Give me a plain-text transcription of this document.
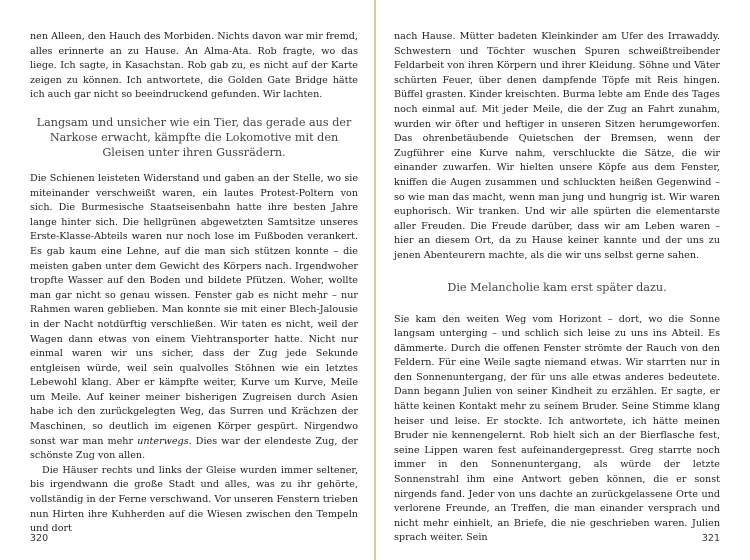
nen Alleen, den Hauch des Morbiden. Nichts davon war mir fremd, alles erinnerte an zu Hause. An Alma-Ata. Rob fragte, wo das liege. Ich sagte, in Kasachstan. Rob gab zu, es nicht auf der Karte zeigen zu können. Ich antwortete, die Golden Gate Bridge hätte ich auch gar nicht so beeindruckend gefunden. Wir lachten.

Langsam und unsicher wie ein Tier, das gerade aus der Narkose erwacht, kämpfte die Lokomotive mit den Gleisen unter ihren Gussrädern.

Die Schienen leisteten Widerstand und gaben an der Stelle, wo sie miteinander verschweißt waren, ein lautes Protest-Poltern von sich. Die Burmesische Staatseisenbahn hatte ihre besten Jahre lange hinter sich. Die hellgrünen abgewetzten Samtsitze unseres Erste-Klasse-Abteils waren nur noch lose im Fußboden verankert. Es gab kaum eine Lehne, auf die man sich stützen konnte – die meisten gaben unter dem Gewicht des Körpers nach. Irgendwoher tropfte Wasser auf den Boden und bildete Pfützen. Woher, wollte man gar nicht so genau wissen. Fenster gab es nicht mehr – nur Rahmen waren geblieben. Man konnte sie mit einer Blech-Jalousie in der Nacht notdürftig verschließen. Wir taten es nicht, weil der Wagen dann etwas von einem Viehtransporter hatte. Nicht nur einmal waren wir uns sicher, dass der Zug jede Sekunde entgleisen würde, weil sein qualvolles Stöhnen wie ein letztes Lebewohl klang. Aber er kämpfte weiter, Kurve um Kurve, Meile um Meile. Auf keiner meiner bisherigen Zugreisen durch Asien habe ich den zurückgelegten Weg, das Surren und Krächzen der Maschinen, so deutlich im eigenen Körper gespürt. Nirgendwo sonst war man mehr unterwegs. Dies war der elendeste Zug, der schönste Zug von allen.

Die Häuser rechts und links der Gleise wurden immer seltener, bis irgendwann die große Stadt und alles, was zu ihr gehörte, vollständig in der Ferne verschwand. Vor unseren Fenstern trieben nun Hirten ihre Kuhherden auf die Wiesen zwischen den Tempeln und dort

320

nach Hause. Mütter badeten Kleinkinder am Ufer des Irrawaddy. Schwestern und Töchter wuschen Spuren schweißtreibender Feldarbeit von ihren Körpern und ihrer Kleidung. Söhne und Väter schürten Feuer, über denen dampfende Töpfe mit Reis hingen. Büffel grasten. Kinder kreischten. Burma lebte am Ende des Tages noch einmal auf. Mit jeder Meile, die der Zug an Fahrt zunahm, wurden wir öfter und heftiger in unseren Sitzen herumgeworfen. Das ohrenbetäubende Quietschen der Bremsen, wenn der Zugführer eine Kurve nahm, verschluckte die Sätze, die wir einander zuwarfen. Wir hielten unsere Köpfe aus dem Fenster, kniffen die Augen zusammen und schluckten heißen Gegenwind – so wie man das macht, wenn man jung und hungrig ist. Wir waren euphorisch. Wir tranken. Und wir alle spürten die elementarste aller Freuden. Die Freude darüber, dass wir am Leben waren – hier an diesem Ort, da zu Hause keiner kannte und der uns zu jenen Abenteurern machte, als die wir uns selbst gerne sahen.

Die Melancholie kam erst später dazu.

Sie kam den weiten Weg vom Horizont – dort, wo die Sonne langsam unterging – und schlich sich leise zu uns ins Abteil. Es dämmerte. Durch die offenen Fenster strömte der Rauch von den Feldern. Für eine Weile sagte niemand etwas. Wir starrten nur in den Sonnenuntergang, der für uns alle etwas anderes bedeutete. Dann begann Julien von seiner Kindheit zu erzählen. Er sagte, er hätte keinen Kontakt mehr zu seinem Bruder. Seine Stimme klang heiser und leise. Er stockte. Ich antwortete, ich hätte meinen Bruder nie kennengelernt. Rob hielt sich an der Bierflasche fest, seine Lippen waren fest aufeinandergepresst. Greg starrte noch immer in den Sonnenuntergang, als würde der letzte Sonnenstrahl ihm eine Antwort geben können, die er sonst nirgends fand. Jeder von uns dachte an zurückgelassene Orte und verlorene Freunde, an Treffen, die man einander versprach und nicht mehr einhielt, an Briefe, die nie geschrieben waren. Julien sprach weiter. Sein	321
